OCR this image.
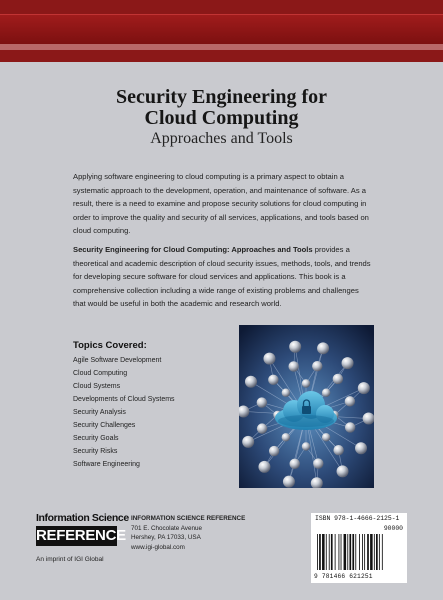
Security Engineering for
Cloud Computing
Approaches and Tools

Applying software engineering to cloud computing is a primary aspect to obtain a systematic approach to the development, operation, and maintenance of software. As a result, there is a need to examine and propose security solutions for cloud computing in order to improve the quality and security of all services, applications, and tools based on cloud computing.

Security Engineering for Cloud Computing: Approaches and Tools provides a theoretical and academic description of cloud security issues, methods, tools, and trends for developing secure software for cloud services and applications. This book is a comprehensive collection including a wide range of existing problems and challenges that would be useful in both the academic and research world.

Topics Covered:
Agile Software Development
Cloud Computing
Cloud Systems
Developments of Cloud Systems
Security Analysis
Security Challenges
Security Goals
Security Risks
Software Engineering
Information Science
REFERENCE
An imprint of IGI Global
INFORMATION SCIENCE REFERENCE
701 E. Chocolate Avenue
Hershey, PA 17033, USA
www.igi-global.com
ISBN 978-1-4666-2125-1
90000
9 781466 621251
